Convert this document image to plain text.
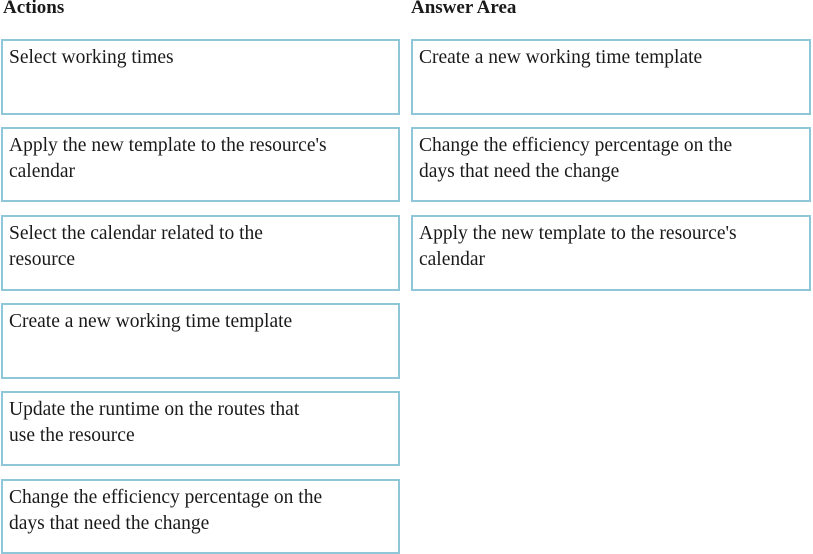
Actions	Answer Area
Select working times
Apply the new template to the resource's
calendar
Select the calendar related to the
resource
Create a new working time template
Update the runtime on the routes that
use the resource
Change the efficiency percentage on the
days that need the change
Create a new working time template
Change the efficiency percentage on the
days that need the change
Apply the new template to the resource's
calendar
